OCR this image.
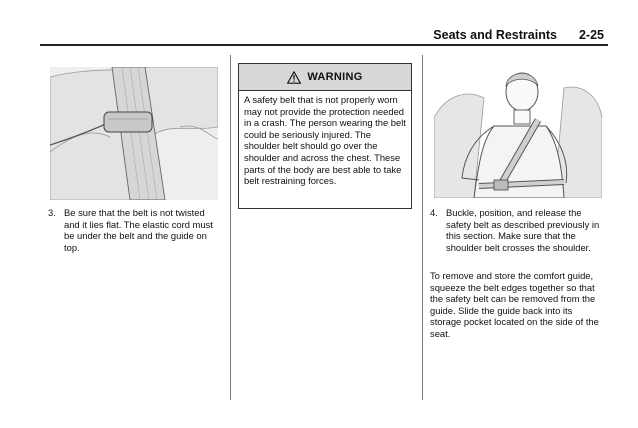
Seats and Restraints 2-25
3. Be sure that the belt is not twisted and it lies flat. The elastic cord must be under the belt and the guide on top.
WARNING
A safety belt that is not properly worn may not provide the protection needed in a crash. The person wearing the belt could be seriously injured. The shoulder belt should go over the shoulder and across the chest. These parts of the body are best able to take belt restraining forces.
4. Buckle, position, and release the safety belt as described previously in this section. Make sure that the shoulder belt crosses the shoulder.
To remove and store the comfort guide, squeeze the belt edges together so that the safety belt can be removed from the guide. Slide the guide back into its storage pocket located on the side of the seat.
